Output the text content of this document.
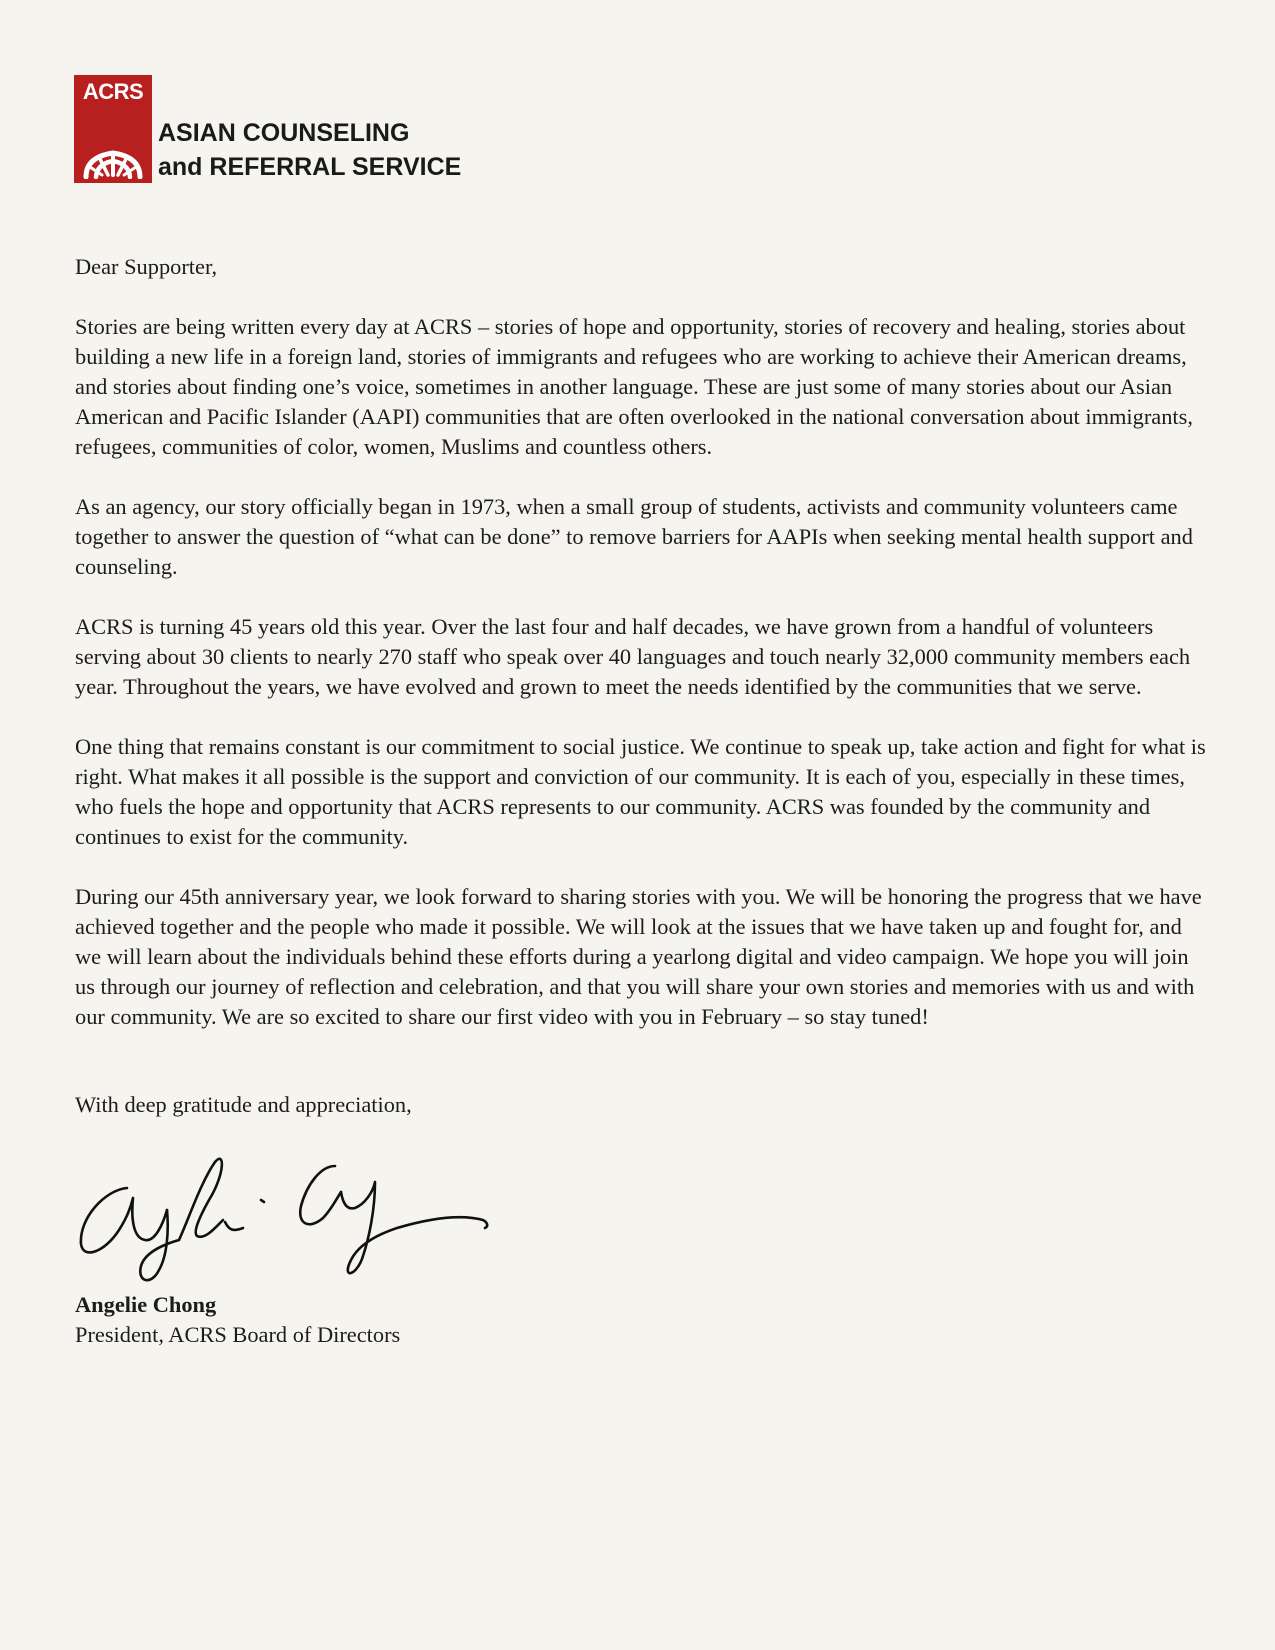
ACRS
ASIAN COUNSELING
and REFERRAL SERVICE

Dear Supporter,

Stories are being written every day at ACRS – stories of hope and opportunity, stories of recovery and healing, stories about building a new life in a foreign land, stories of immigrants and refugees who are working to achieve their American dreams, and stories about finding one’s voice, sometimes in another language. These are just some of many stories about our Asian American and Pacific Islander (AAPI) communities that are often overlooked in the national conversation about immigrants, refugees, communities of color, women, Muslims and countless others.

As an agency, our story officially began in 1973, when a small group of students, activists and community volunteers came together to answer the question of “what can be done” to remove barriers for AAPIs when seeking mental health support and counseling.

ACRS is turning 45 years old this year. Over the last four and half decades, we have grown from a handful of volunteers serving about 30 clients to nearly 270 staff who speak over 40 languages and touch nearly 32,000 community members each year. Throughout the years, we have evolved and grown to meet the needs identified by the communities that we serve.

One thing that remains constant is our commitment to social justice. We continue to speak up, take action and fight for what is right. What makes it all possible is the support and conviction of our community. It is each of you, especially in these times, who fuels the hope and opportunity that ACRS represents to our community. ACRS was founded by the community and continues to exist for the community.

During our 45th anniversary year, we look forward to sharing stories with you. We will be honoring the progress that we have achieved together and the people who made it possible. We will look at the issues that we have taken up and fought for, and we will learn about the individuals behind these efforts during a yearlong digital and video campaign. We hope you will join us through our journey of reflection and celebration, and that you will share your own stories and memories with us and with our community. We are so excited to share our first video with you in February – so stay tuned!

With deep gratitude and appreciation,

Angelie Chong

President, ACRS Board of Directors
